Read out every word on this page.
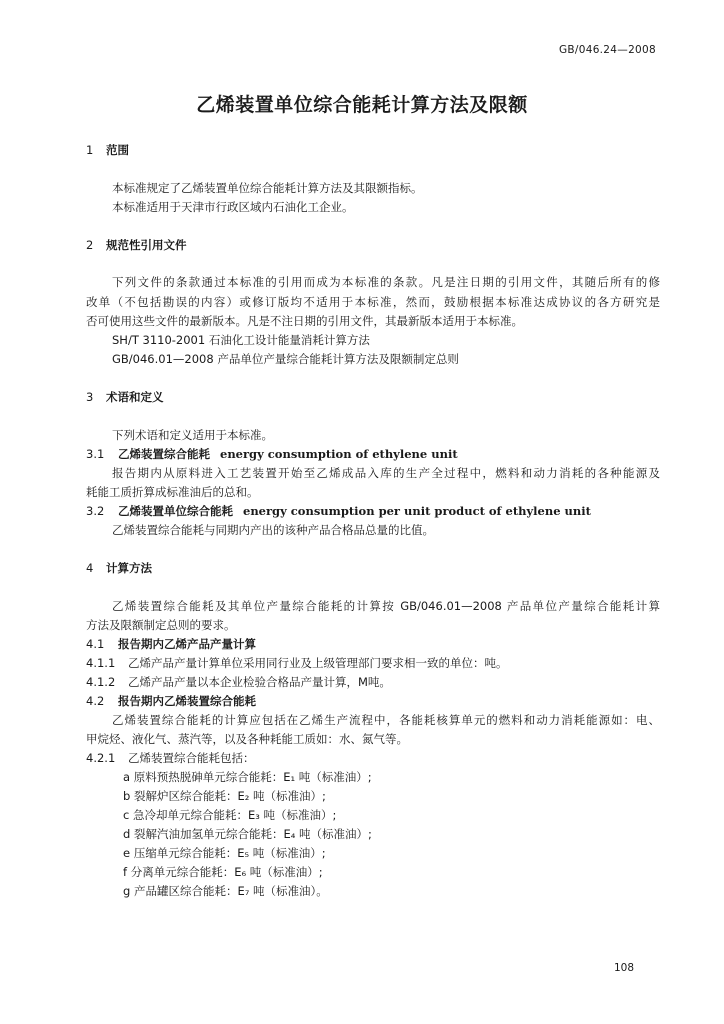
GB/046.24—2008
乙烯装置单位综合能耗计算方法及限额
1 范围
本标准规定了乙烯装置单位综合能耗计算方法及其限额指标。
本标准适用于天津市行政区域内石油化工企业。
2 规范性引用文件
下列文件的条款通过本标准的引用而成为本标准的条款。凡是注日期的引用文件，其随后所有的修
改单（不包括勘误的内容）或修订版均不适用于本标准，然而，鼓励根据本标准达成协议的各方研究是
否可使用这些文件的最新版本。凡是不注日期的引用文件，其最新版本适用于本标准。
SH/T 3110-2001 石油化工设计能量消耗计算方法
GB/046.01—2008 产品单位产量综合能耗计算方法及限额制定总则
3 术语和定义
下列术语和定义适用于本标准。
3.1 乙烯装置综合能耗 energy consumption of ethylene unit
报告期内从原料进入工艺装置开始至乙烯成品入库的生产全过程中，燃料和动力消耗的各种能源及
耗能工质折算成标准油后的总和。
3.2 乙烯装置单位综合能耗 energy consumption per unit product of ethylene unit
乙烯装置综合能耗与同期内产出的该种产品合格品总量的比值。
4 计算方法
乙烯装置综合能耗及其单位产量综合能耗的计算按 GB/046.01—2008 产品单位产量综合能耗计算
方法及限额制定总则的要求。
4.1 报告期内乙烯产品产量计算
4.1.1 乙烯产品产量计算单位采用同行业及上级管理部门要求相一致的单位：吨。
4.1.2 乙烯产品产量以本企业检验合格品产量计算，M吨。
4.2 报告期内乙烯装置综合能耗
乙烯装置综合能耗的计算应包括在乙烯生产流程中，各能耗核算单元的燃料和动力消耗能源如：电、
甲烷烃、液化气、蒸汽等，以及各种耗能工质如：水、氮气等。
4.2.1 乙烯装置综合能耗包括：
a 原料预热脱砷单元综合能耗：E₁ 吨（标准油）;
b 裂解炉区综合能耗：E₂ 吨（标准油）;
c 急冷却单元综合能耗：E₃ 吨（标准油）;
d 裂解汽油加氢单元综合能耗：E₄ 吨（标准油）;
e 压缩单元综合能耗：E₅ 吨（标准油）;
f 分离单元综合能耗：E₆ 吨（标准油）;
g 产品罐区综合能耗：E₇ 吨（标准油）。
108
